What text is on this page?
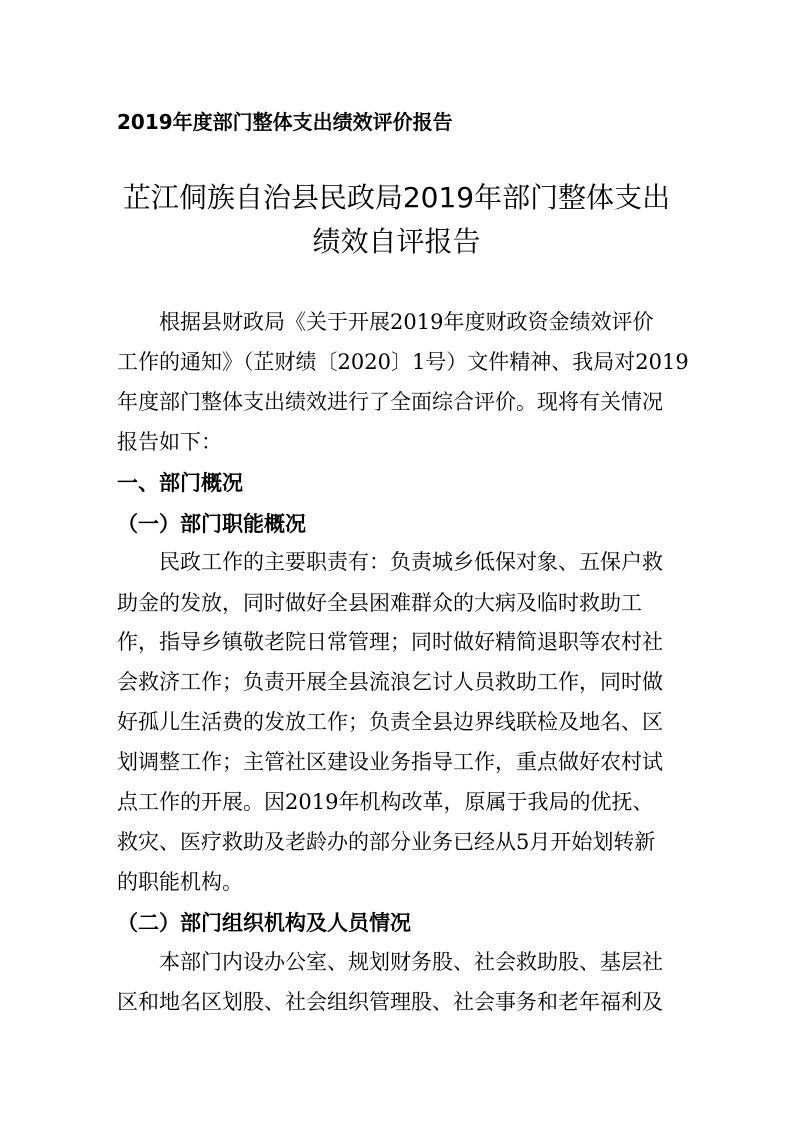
2019年度部门整体支出绩效评价报告
芷江侗族自治县民政局2019年部门整体支出
绩效自评报告
根据县财政局《关于开展2019年度财政资金绩效评价
工作的通知》（芷财绩〔2020〕1号）文件精神、我局对2019
年度部门整体支出绩效进行了全面综合评价。现将有关情况
报告如下：
一、部门概况
（一）部门职能概况
民政工作的主要职责有：负责城乡低保对象、五保户救
助金的发放，同时做好全县困难群众的大病及临时救助工
作，指导乡镇敬老院日常管理；同时做好精简退职等农村社
会救济工作；负责开展全县流浪乞讨人员救助工作，同时做
好孤儿生活费的发放工作；负责全县边界线联检及地名、区
划调整工作；主管社区建设业务指导工作，重点做好农村试
点工作的开展。因2019年机构改革，原属于我局的优抚、
救灾、医疗救助及老龄办的部分业务已经从5月开始划转新
的职能机构。
（二）部门组织机构及人员情况
本部门内设办公室、规划财务股、社会救助股、基层社
区和地名区划股、社会组织管理股、社会事务和老年福利及
